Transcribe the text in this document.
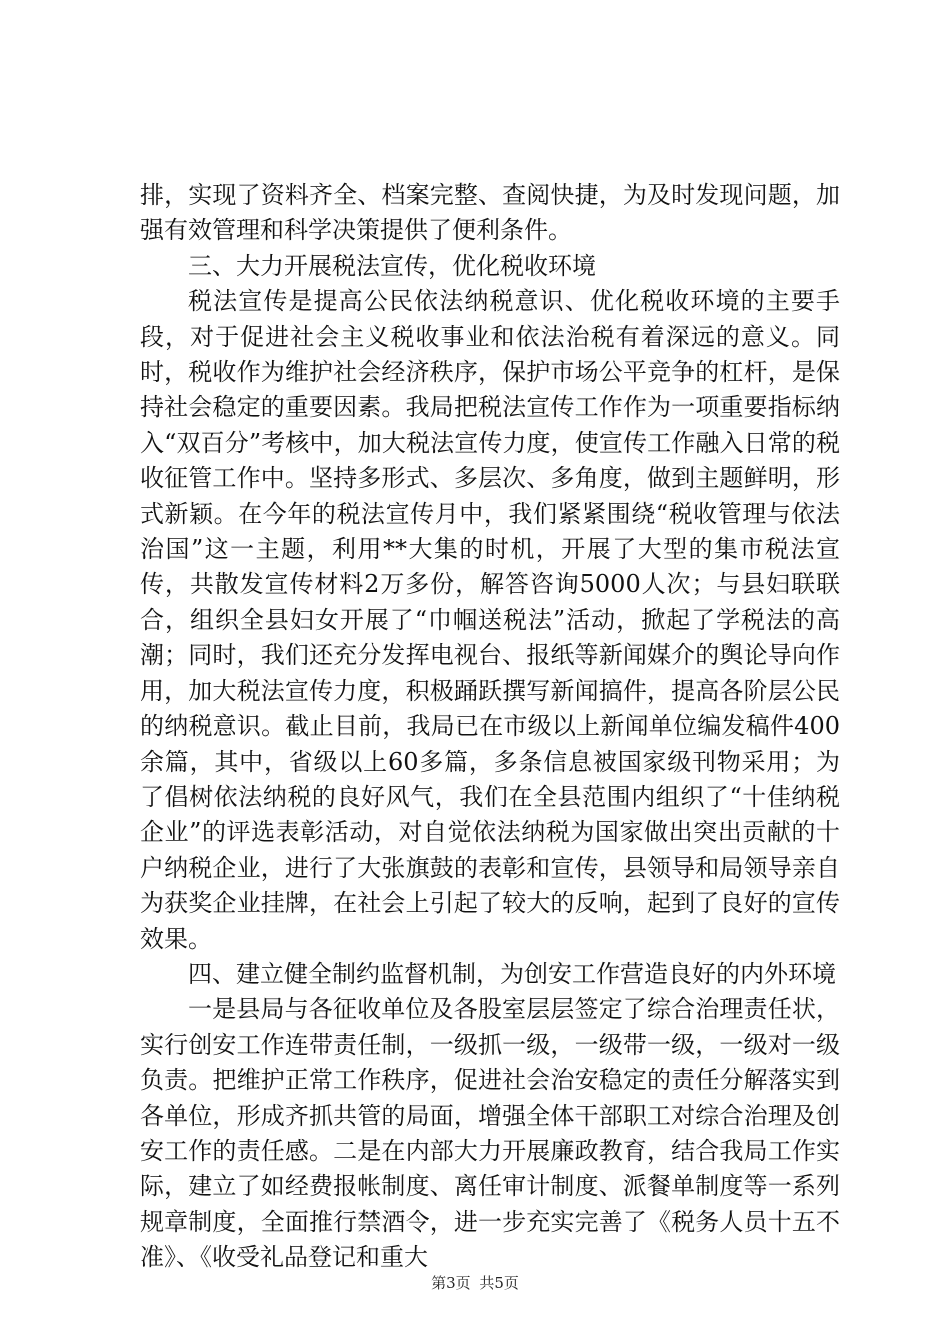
排，实现了资料齐全、档案完整、查阅快捷，为及时发现问题，加强有效管理和科学决策提供了便利条件。

三、大力开展税法宣传，优化税收环境

税法宣传是提高公民依法纳税意识、优化税收环境的主要手段，对于促进社会主义税收事业和依法治税有着深远的意义。同时，税收作为维护社会经济秩序，保护市场公平竞争的杠杆，是保持社会稳定的重要因素。我局把税法宣传工作作为一项重要指标纳入“双百分”考核中，加大税法宣传力度，使宣传工作融入日常的税收征管工作中。坚持多形式、多层次、多角度，做到主题鲜明，形式新颖。在今年的税法宣传月中，我们紧紧围绕“税收管理与依法治国”这一主题，利用**大集的时机，开展了大型的集市税法宣传，共散发宣传材料2万多份，解答咨询5000人次；与县妇联联合，组织全县妇女开展了“巾帼送税法”活动，掀起了学税法的高潮；同时，我们还充分发挥电视台、报纸等新闻媒介的舆论导向作用，加大税法宣传力度，积极踊跃撰写新闻搞件，提高各阶层公民的纳税意识。截止目前，我局已在市级以上新闻单位编发稿件400余篇，其中，省级以上60多篇，多条信息被国家级刊物采用；为了倡树依法纳税的良好风气，我们在全县范围内组织了“十佳纳税企业”的评选表彰活动，对自觉依法纳税为国家做出突出贡献的十户纳税企业，进行了大张旗鼓的表彰和宣传，县领导和局领导亲自为获奖企业挂牌，在社会上引起了较大的反响，起到了良好的宣传效果。

四、建立健全制约监督机制，为创安工作营造良好的内外环境

一是县局与各征收单位及各股室层层签定了综合治理责任状，实行创安工作连带责任制，一级抓一级，一级带一级，一级对一级负责。把维护正常工作秩序，促进社会治安稳定的责任分解落实到各单位，形成齐抓共管的局面，增强全体干部职工对综合治理及创安工作的责任感。二是在内部大力开展廉政教育，结合我局工作实际，建立了如经费报帐制度、离任审计制度、派餐单制度等一系列规章制度，全面推行禁酒令，进一步充实完善了《税务人员十五不准》、《收受礼品登记和重大

第3页 共5页
